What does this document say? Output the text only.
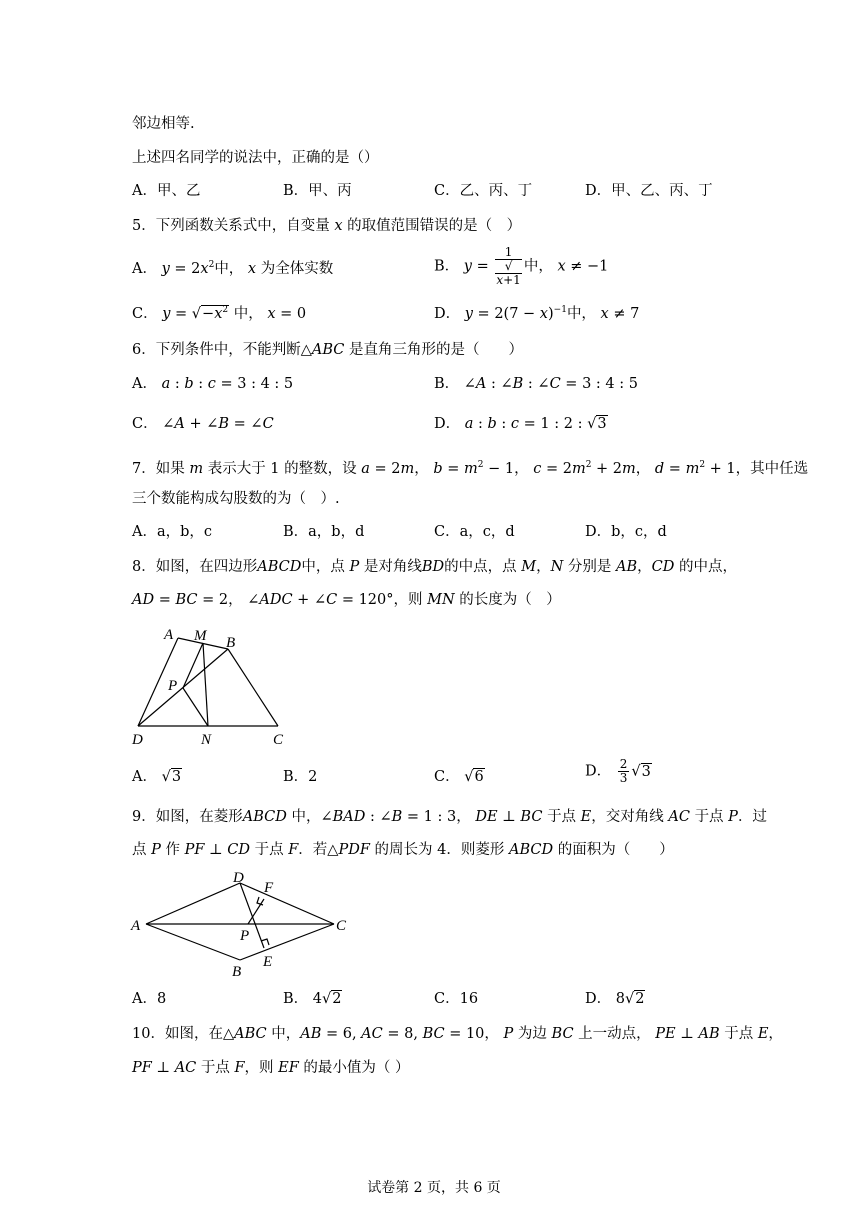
邻边相等.
上述四名同学的说法中，正确的是（）
A．甲、乙	B．甲、丙	C．乙、丙、丁	D．甲、乙、丙、丁
5．下列函数关系式中，自变量 x 的取值范围错误的是（　）
A． $y = 2x^2$中， x 为全体实数	B． y = 1
√
x+1 中， x ≠ −1
C． $y = √-x^2$ 中， x = 0	D． $y = 2(7 - x)^{-1}$中， x ≠ 7
6．下列条件中，不能判断△ABC 是直角三角形的是（　　）
A． a : b : c = 3 : 4 : 5	B． ∠A : ∠B : ∠C = 3 : 4 : 5
C． ∠A + ∠B = ∠C	D． a : b : c = 1 : 2 : √3
7．如果 m 表示大于 1 的整数，设 a = 2m， $b = m^2 - 1$， $c = 2m^2 + 2m$， $d = m^2 + 1$，其中任选
三个数能构成勾股数的为（　）.
A．a，b，c	B．a，b，d	C．a，c，d	D．b，c，d
8．如图，在四边形ABCD中，点 P 是对角线BD的中点，点 M，N 分别是 AB，CD 的中点，
AD = BC = 2， ∠ADC + ∠C = 120°，则 MN 的长度为（　）
A M B
P
D	N	C
A． √3	B．2	C． √6	D． $\frac{2}{3} √3$
9．如图，在菱形ABCD 中，∠BAD : ∠B = 1 : 3， DE ⊥ BC 于点 E，交对角线 AC 于点 P．过
点 P 作 PF ⊥ CD 于点 F．若△PDF 的周长为 4．则菱形 ABCD 的面积为（　　）
D
F
A
P
C
B
E
A．8	B． 4√2	C．16	D． 8√2
10．如图，在△ABC 中，AB = 6, AC = 8, BC = 10， P 为边 BC 上一动点， PE ⊥ AB 于点 E，
PF ⊥ AC 于点 F，则 EF 的最小值为（ ）
试卷第 2 页，共 6 页
